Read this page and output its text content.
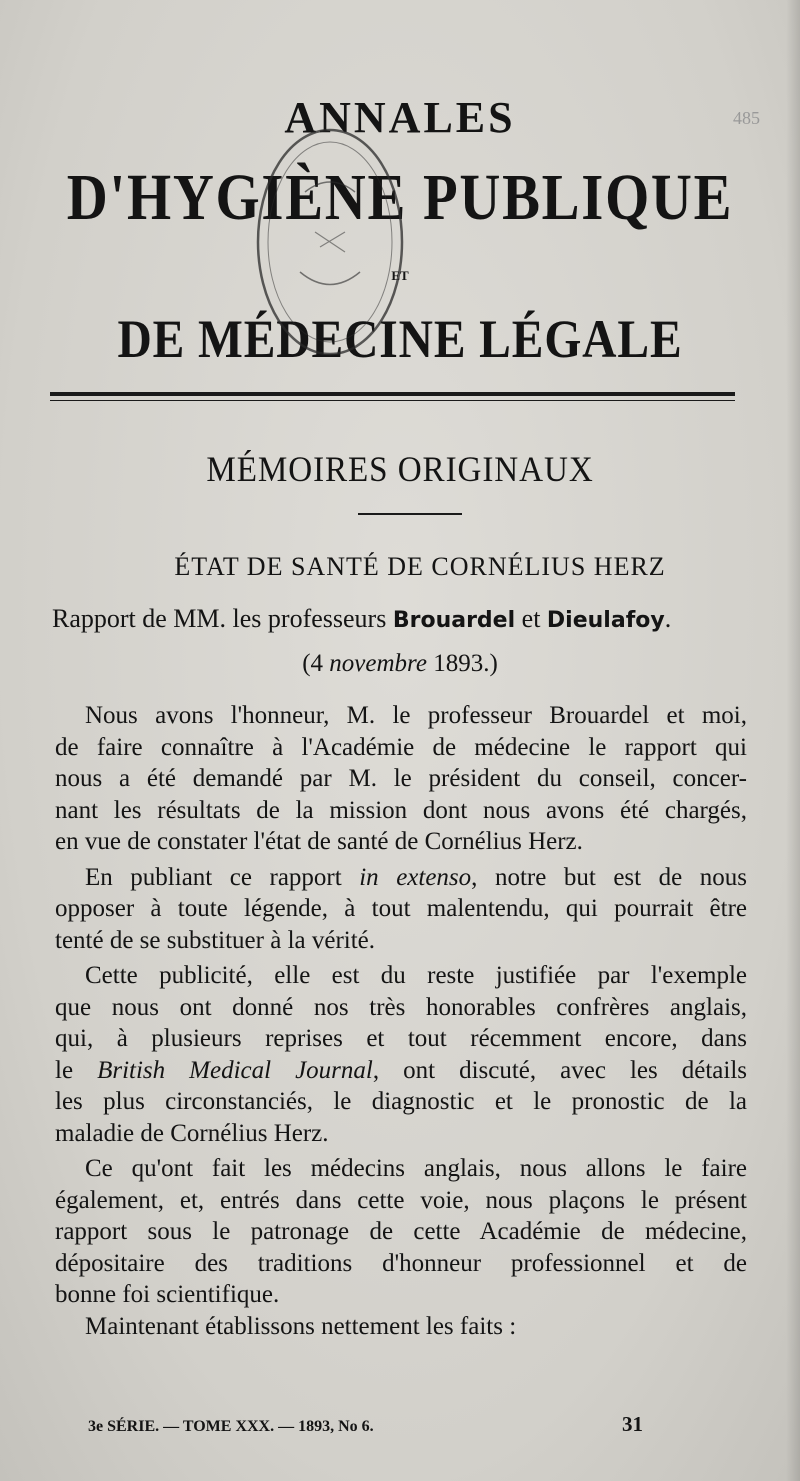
485
ANNALES
D'HYGIÈNE PUBLIQUE
ET
DE MÉDECINE LÉGALE
MÉMOIRES ORIGINAUX
ÉTAT DE SANTÉ DE CORNÉLIUS HERZ
Rapport de MM. les professeurs Brouardel et Dieulafoy.
(4 novembre 1893.)

Nous avons l'honneur, M. le professeur Brouardel et moi,
de faire connaître à l'Académie de médecine le rapport qui
nous a été demandé par M. le président du conseil, concer-
nant les résultats de la mission dont nous avons été chargés,
en vue de constater l'état de santé de Cornélius Herz.

En publiant ce rapport in extenso, notre but est de nous
opposer à toute légende, à tout malentendu, qui pourrait être
tenté de se substituer à la vérité.

Cette publicité, elle est du reste justifiée par l'exemple
que nous ont donné nos très honorables confrères anglais,
qui, à plusieurs reprises et tout récemment encore, dans
le British Medical Journal, ont discuté, avec les détails
les plus circonstanciés, le diagnostic et le pronostic de la
maladie de Cornélius Herz.

Ce qu'ont fait les médecins anglais, nous allons le faire
également, et, entrés dans cette voie, nous plaçons le présent
rapport sous le patronage de cette Académie de médecine,
dépositaire des traditions d'honneur professionnel et de
bonne foi scientifique.

Maintenant établissons nettement les faits :

3e SÉRIE. — TOME XXX. — 1893, No 6.	31
